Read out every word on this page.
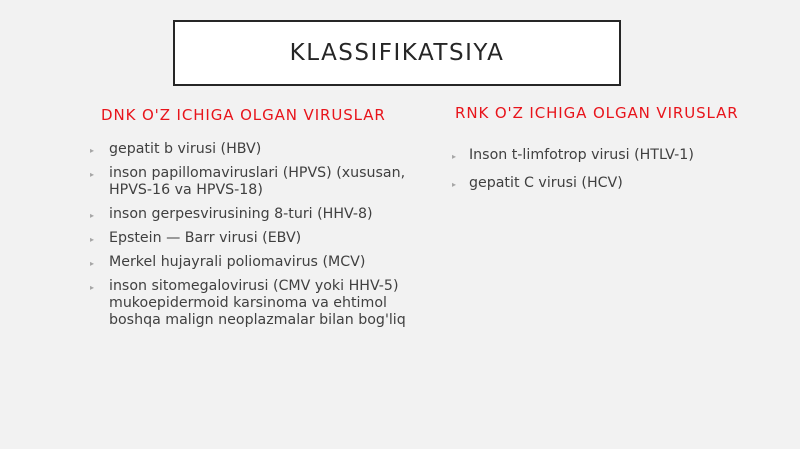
KLASSIFIKATSIYA
DNK O'Z ICHIGA OLGAN VIRUSLAR	RNK O'Z ICHIGA OLGAN VIRUSLAR
▸ gepatit b virusi (HBV)
▸ inson papillomaviruslari (HPVS) (xususan, HPVS-16 va HPVS-18)
▸ inson gerpesvirusining 8-turi (HHV-8)
▸ Epstein — Barr virusi (EBV)
▸ Merkel hujayrali poliomavirus (MCV)
▸ inson sitomegalovirusi (CMV yoki HHV-5) mukoepidermoid karsinoma va ehtimol boshqa malign neoplazmalar bilan bog'liq
▸ Inson t-limfotrop virusi (HTLV-1)
▸ gepatit C virusi (HCV)
